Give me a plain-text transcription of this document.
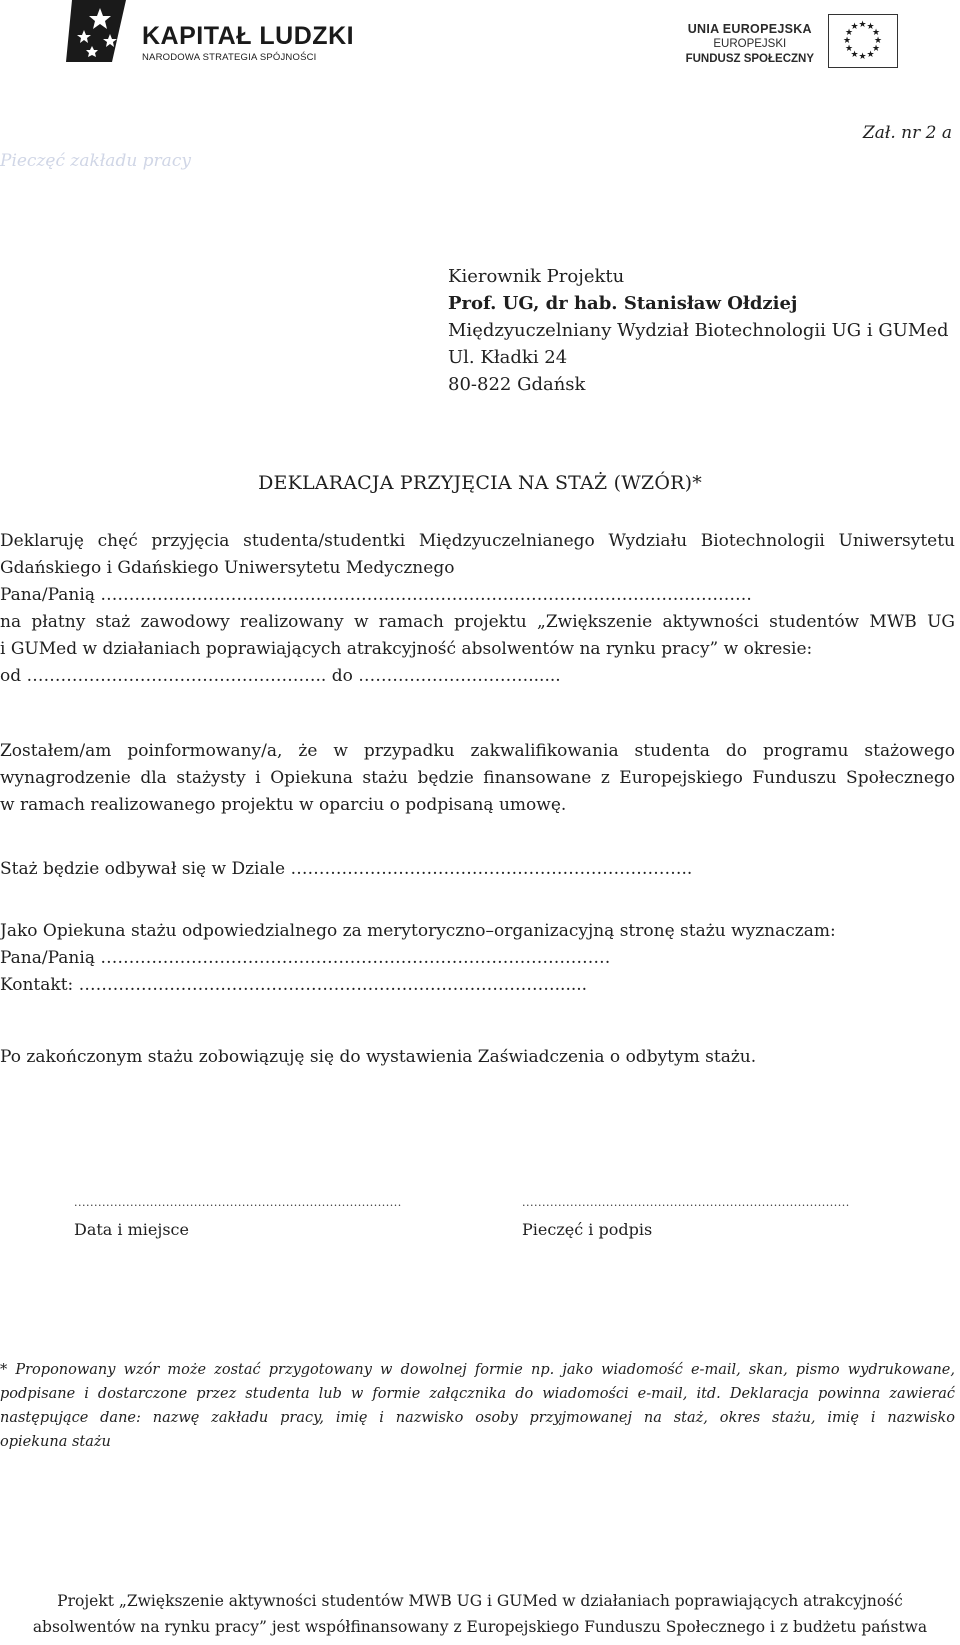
KAPITAŁ LUDZKI
NARODOWA STRATEGIA SPÓJNOŚCI
UNIA EUROPEJSKA
EUROPEJSKI
FUNDUSZ SPOŁECZNY
★ ★
★
★
★
★
★
★
★
★
★
★
Zał. nr 2 a
Pieczęć zakładu pracy
Kierownik Projektu
Prof. UG, dr hab. Stanisław Ołdziej
Międzyuczelniany Wydział Biotechnologii UG i GUMed
Ul. Kładki 24
80-822 Gdańsk
DEKLARACJA PRZYJĘCIA NA STAŻ (WZÓR)*
Deklaruję chęć przyjęcia studenta/studentki Międzyuczelnianego Wydziału Biotechnologii Uniwersytetu
Gdańskiego i Gdańskiego Uniwersytetu Medycznego
Pana/Panią …………………………………………………………………………………………………….
na płatny staż zawodowy realizowany w ramach projektu „Zwiększenie aktywności studentów MWB UG
i GUMed w działaniach poprawiających atrakcyjność absolwentów na rynku pracy” w okresie:
od …………………………………………….. do …………………………......
Zostałem/am poinformowany/a, że w przypadku zakwalifikowania studenta do programu stażowego
wynagrodzenie dla stażysty i Opiekuna stażu będzie finansowane z Europejskiego Funduszu Społecznego
w ramach realizowanego projektu w oparciu o podpisaną umowę.
Staż będzie odbywał się w Dziale ……………………………………………………………..
Jako Opiekuna stażu odpowiedzialnego za merytoryczno–organizacyjną stronę stażu wyznaczam:
Pana/Panią ………………………………………………………………………………
Kontakt: …………………………………………………………………………......
Po zakończonym stażu zobowiązuję się do wystawienia Zaświadczenia o odbytym stażu.
..................................................................................
Data i miejsce
..................................................................................
Pieczęć i podpis
* Proponowany wzór może zostać przygotowany w dowolnej formie np. jako wiadomość e-mail, skan, pismo wydrukowane,
podpisane i dostarczone przez studenta lub w formie załącznika do wiadomości e-mail, itd. Deklaracja powinna zawierać
następujące dane: nazwę zakładu pracy, imię i nazwisko osoby przyjmowanej na staż, okres stażu, imię i nazwisko
opiekuna stażu
Projekt „Zwiększenie aktywności studentów MWB UG i GUMed w działaniach poprawiających atrakcyjność
absolwentów na rynku pracy” jest współfinansowany z Europejskiego Funduszu Społecznego i z budżetu państwa
